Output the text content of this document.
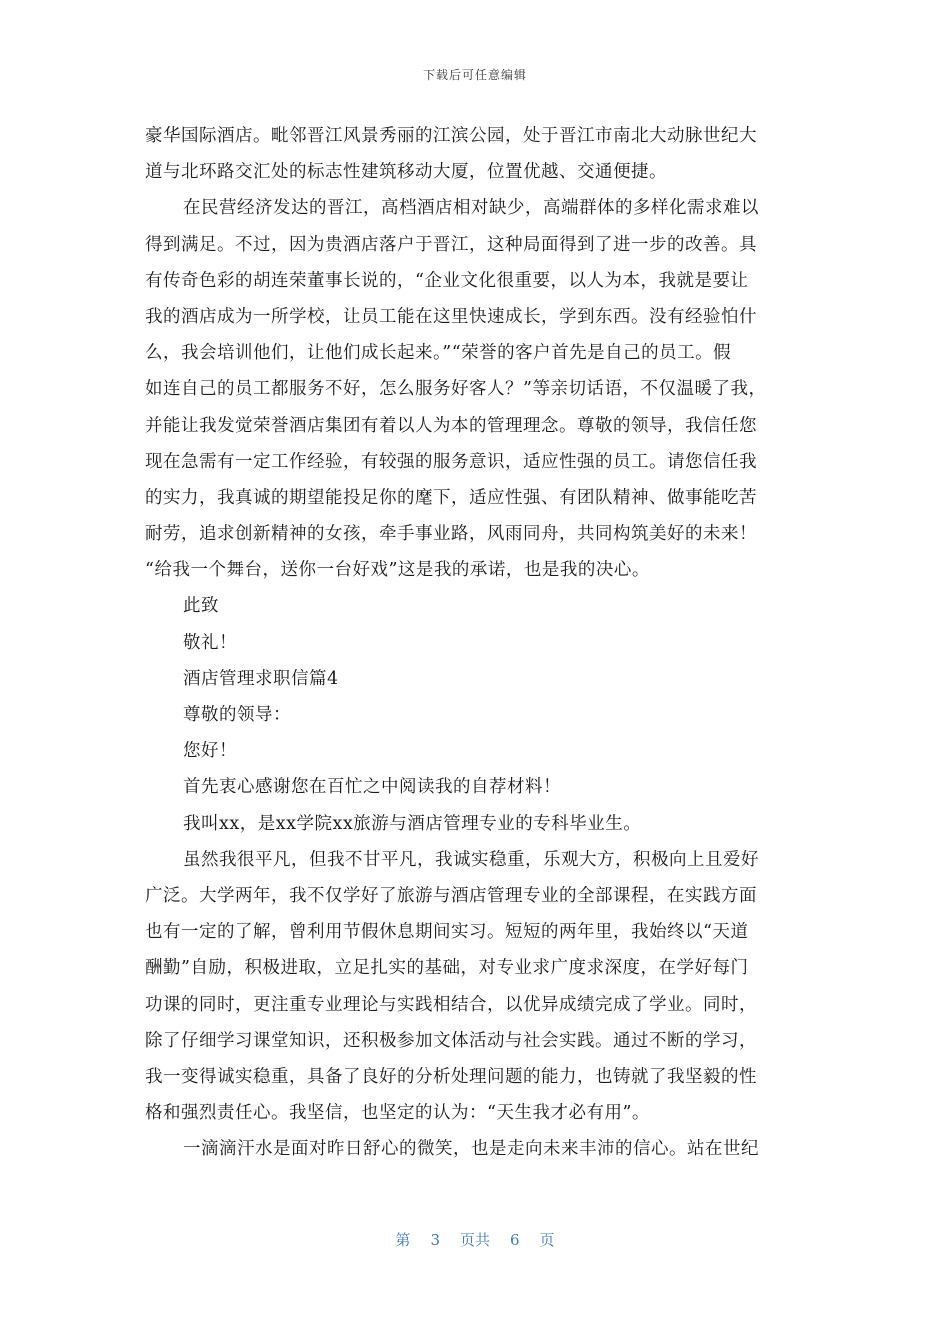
下载后可任意编辑
豪华国际酒店。毗邻晋江风景秀丽的江滨公园，处于晋江市南北大动脉世纪大
道与北环路交汇处的标志性建筑移动大厦，位置优越、交通便捷。
在民营经济发达的晋江，高档酒店相对缺少，高端群体的多样化需求难以
得到满足。不过，因为贵酒店落户于晋江，这种局面得到了进一步的改善。具
有传奇色彩的胡连荣董事长说的，“企业文化很重要，以人为本，我就是要让
我的酒店成为一所学校，让员工能在这里快速成长，学到东西。没有经验怕什
么，我会培训他们，让他们成长起来。”“荣誉的客户首先是自己的员工。假
如连自己的员工都服务不好，怎么服务好客人？”等亲切话语，不仅温暖了我，
并能让我发觉荣誉酒店集团有着以人为本的管理理念。尊敬的领导，我信任您
现在急需有一定工作经验，有较强的服务意识，适应性强的员工。请您信任我
的实力，我真诚的期望能投足你的麾下，适应性强、有团队精神、做事能吃苦
耐劳，追求创新精神的女孩，牵手事业路，风雨同舟，共同构筑美好的未来！
“给我一个舞台，送你一台好戏”这是我的承诺，也是我的决心。
此致
敬礼！
酒店管理求职信篇4
尊敬的领导：
您好！
首先衷心感谢您在百忙之中阅读我的自荐材料！
我叫xx，是xx学院xx旅游与酒店管理专业的专科毕业生。
虽然我很平凡，但我不甘平凡，我诚实稳重，乐观大方，积极向上且爱好
广泛。大学两年，我不仅学好了旅游与酒店管理专业的全部课程，在实践方面
也有一定的了解，曾利用节假休息期间实习。短短的两年里，我始终以“天道
酬勤”自励，积极进取，立足扎实的基础，对专业求广度求深度，在学好每门
功课的同时，更注重专业理论与实践相结合，以优异成绩完成了学业。同时，
除了仔细学习课堂知识，还积极参加文体活动与社会实践。通过不断的学习，
我一变得诚实稳重，具备了良好的分析处理问题的能力，也铸就了我坚毅的性
格和强烈责任心。我坚信，也坚定的认为：“天生我才必有用”。
一滴滴汗水是面对昨日舒心的微笑，也是走向未来丰沛的信心。站在世纪
第 3 页共 6 页
